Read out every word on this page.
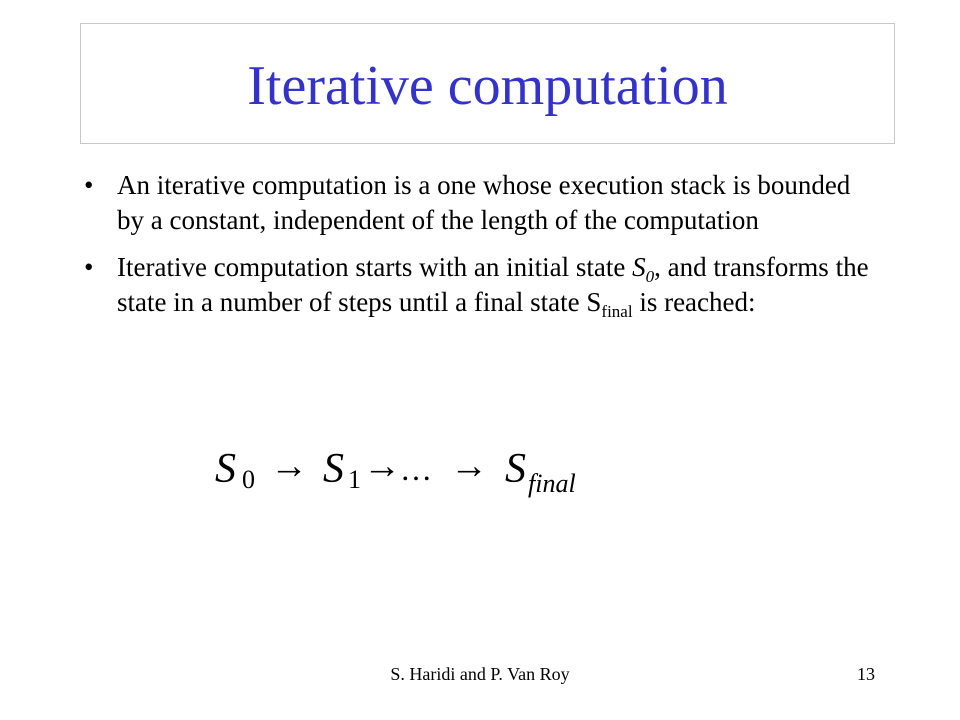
Iterative computation
• An iterative computation is a one whose execution stack is bounded by a constant, independent of the length of the computation
• Iterative computation starts with an initial state $S_0$, and transforms the state in a number of steps until a final state $S_{final}$ is reached:
S 0 → S 1 → … → S final
S. Haridi and P. Van Roy	13
